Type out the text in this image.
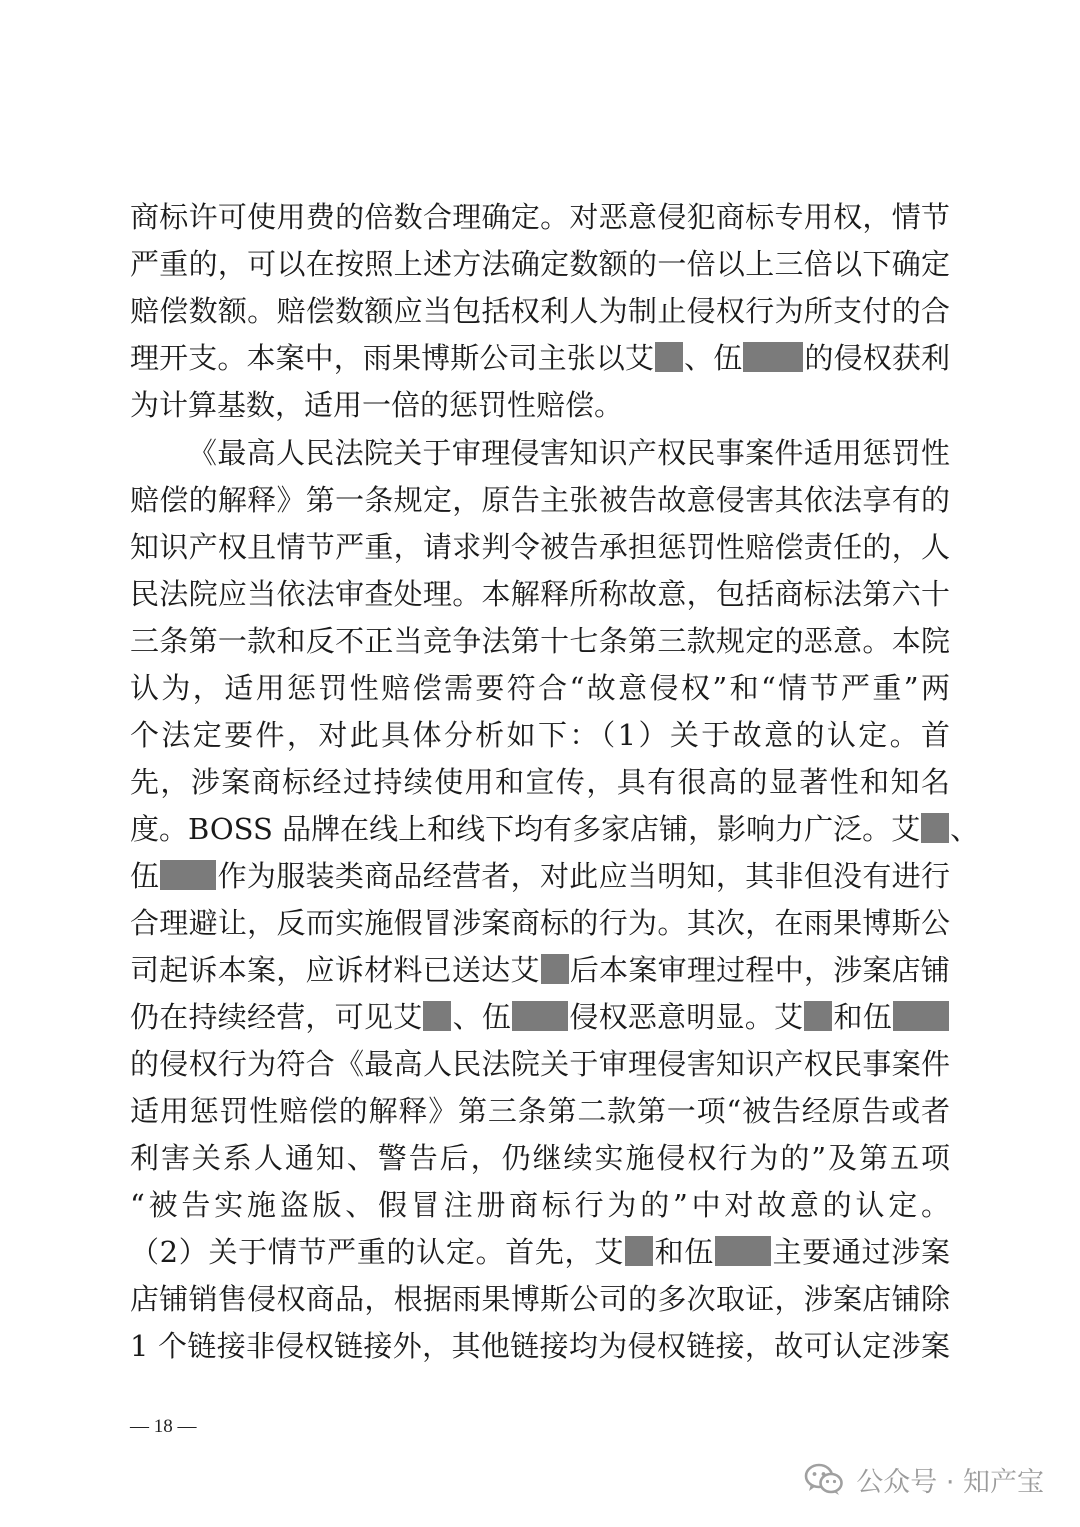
商标许可使用费的倍数合理确定。对恶意侵犯商标专用权，情节
严重的，可以在按照上述方法确定数额的一倍以上三倍以下确定
赔偿数额。赔偿数额应当包括权利人为制止侵权行为所支付的合
理开支。本案中，雨果博斯公司主张以艾 、伍 的侵权获利
为计算基数，适用一倍的惩罚性赔偿。
《最高人民法院关于审理侵害知识产权民事案件适用惩罚性
赔偿的解释》第一条规定，原告主张被告故意侵害其依法享有的
知识产权且情节严重，请求判令被告承担惩罚性赔偿责任的，人
民法院应当依法审查处理。本解释所称故意，包括商标法第六十
三条第一款和反不正当竞争法第十七条第三款规定的恶意。本院
认为，适用惩罚性赔偿需要符合“故意侵权”和“情节严重”两
个法定要件，对此具体分析如下：（1）关于故意的认定。首
先，涉案商标经过持续使用和宣传，具有很高的显著性和知名
度。BOSS 品牌在线上和线下均有多家店铺，影响力广泛。艾 、
伍 作为服装类商品经营者，对此应当明知，其非但没有进行
合理避让，反而实施假冒涉案商标的行为。其次，在雨果博斯公
司起诉本案，应诉材料已送达艾 后本案审理过程中，涉案店铺
仍在持续经营，可见艾 、伍 侵权恶意明显。艾 和伍
的侵权行为符合《最高人民法院关于审理侵害知识产权民事案件
适用惩罚性赔偿的解释》第三条第二款第一项“被告经原告或者
利害关系人通知、警告后，仍继续实施侵权行为的”及第五项
“被告实施盗版、假冒注册商标行为的”中对故意的认定。
（2）关于情节严重的认定。首先，艾 和伍 主要通过涉案
店铺销售侵权商品，根据雨果博斯公司的多次取证，涉案店铺除
1 个链接非侵权链接外，其他链接均为侵权链接，故可认定涉案
— 18 —
公众号 · 知产宝
